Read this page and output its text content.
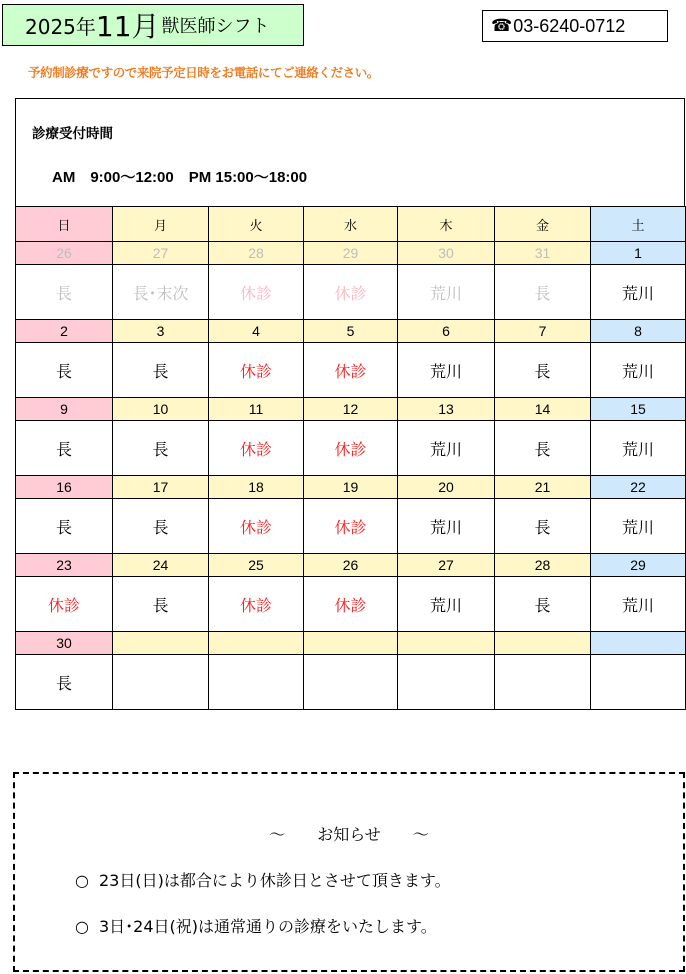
2025年 11月 獣医師シフト	☎ 03-6240-0712
予約制診療ですので来院予定日時をお電話にてご連絡ください。
診療受付時間
AM　9:00〜12:00　PM 15:00〜18:00
日	月	火	水	木	金	土
26	27	28	29	30	31	1
長	長･末次	休診	休診	荒川	長	荒川
2	3	4	5	6	7	8
長	長	休診	休診	荒川	長	荒川
9	10	11	12	13	14	15
長	長	休診	休診	荒川	長	荒川
16	17	18	19	20	21	22
長	長	休診	休診	荒川	長	荒川
23	24	25	26	27	28	29
休診	長	休診	休診	荒川	長	荒川
30						
長						
〜　　お知らせ　　〜
○ 23日(日)は都合により休診日とさせて頂きます。
○ 3日･24日(祝)は通常通りの診療をいたします。
